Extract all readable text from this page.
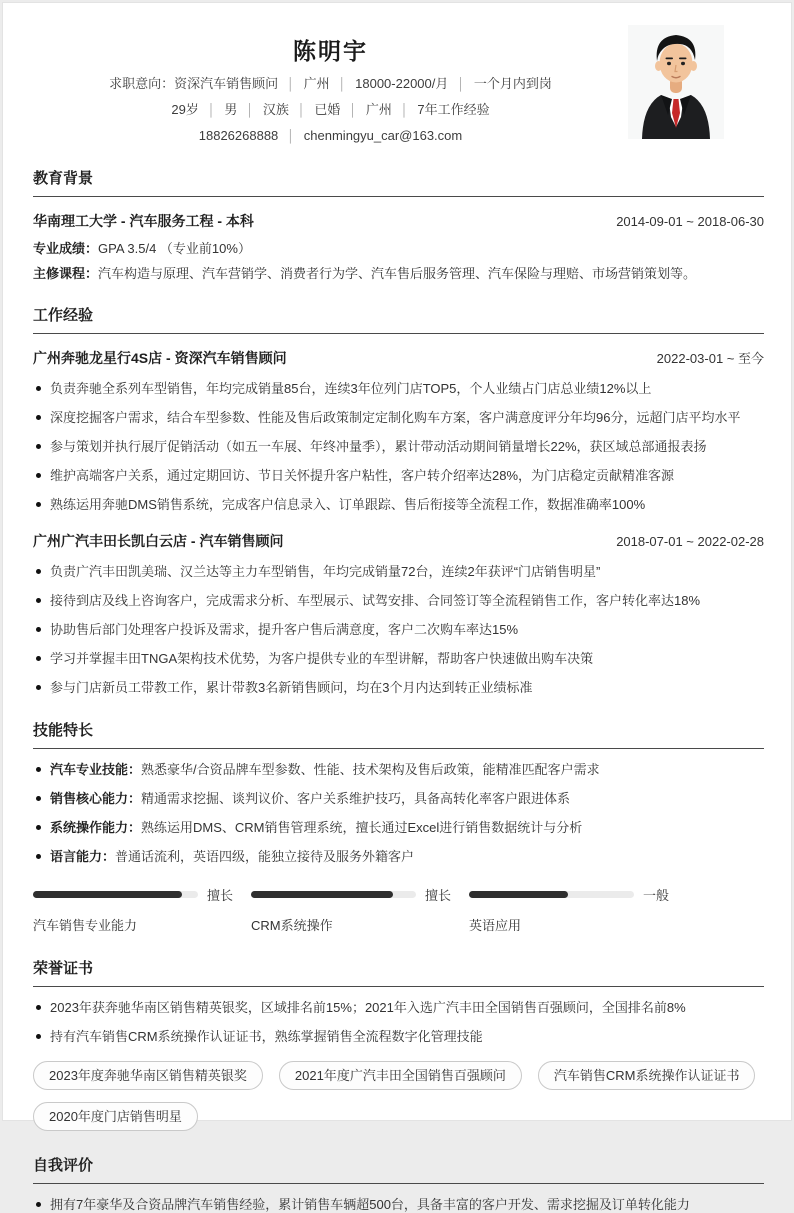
陈明宇
求职意向：资深汽车销售顾问 │ 广州 │ 18000-22000/月 │ 一个月内到岗
29岁 │ 男 │ 汉族 │ 已婚 │ 广州 │ 7年工作经验
18826268888 │ chenmingyu_car@163.com
教育背景
华南理工大学 - 汽车服务工程 - 本科	2014-09-01 ~ 2018-06-30
专业成绩：GPA 3.5/4 （专业前10%）
主修课程：汽车构造与原理、汽车营销学、消费者行为学、汽车售后服务管理、汽车保险与理赔、市场营销策划等。
工作经验
广州奔驰龙星行4S店 - 资深汽车销售顾问	2022-03-01 ~ 至今
负责奔驰全系列车型销售，年均完成销量85台，连续3年位列门店TOP5，个人业绩占门店总业绩12%以上
深度挖掘客户需求，结合车型参数、性能及售后政策制定定制化购车方案，客户满意度评分年均96分，远超门店平均水平
参与策划并执行展厅促销活动（如五一车展、年终冲量季），累计带动活动期间销量增长22%，获区域总部通报表扬
维护高端客户关系，通过定期回访、节日关怀提升客户粘性，客户转介绍率达28%，为门店稳定贡献精准客源
熟练运用奔驰DMS销售系统，完成客户信息录入、订单跟踪、售后衔接等全流程工作，数据准确率100%
广州广汽丰田长凯白云店 - 汽车销售顾问	2018-07-01 ~ 2022-02-28
负责广汽丰田凯美瑞、汉兰达等主力车型销售，年均完成销量72台，连续2年获评“门店销售明星”
接待到店及线上咨询客户，完成需求分析、车型展示、试驾安排、合同签订等全流程销售工作，客户转化率达18%
协助售后部门处理客户投诉及需求，提升客户售后满意度，客户二次购车率达15%
学习并掌握丰田TNGA架构技术优势，为客户提供专业的车型讲解，帮助客户快速做出购车决策
参与门店新员工带教工作，累计带教3名新销售顾问，均在3个月内达到转正业绩标准
技能特长
汽车专业技能：熟悉豪华/合资品牌车型参数、性能、技术架构及售后政策，能精准匹配客户需求
销售核心能力：精通需求挖掘、谈判议价、客户关系维护技巧，具备高转化率客户跟进体系
系统操作能力：熟练运用DMS、CRM销售管理系统，擅长通过Excel进行销售数据统计与分析
语言能力：普通话流利，英语四级，能独立接待及服务外籍客户
擅长
汽车销售专业能力
擅长
CRM系统操作
一般
英语应用
荣誉证书
2023年获奔驰华南区销售精英银奖，区域排名前15%；2021年入选广汽丰田全国销售百强顾问，全国排名前8%
持有汽车销售CRM系统操作认证证书，熟练掌握销售全流程数字化管理技能
2023年度奔驰华南区销售精英银奖	2021年度广汽丰田全国销售百强顾问	汽车销售CRM系统操作认证证书
2020年度门店销售明星
自我评价
拥有7年豪华及合资品牌汽车销售经验，累计销售车辆超500台，具备丰富的客户开发、需求挖掘及订单转化能力
